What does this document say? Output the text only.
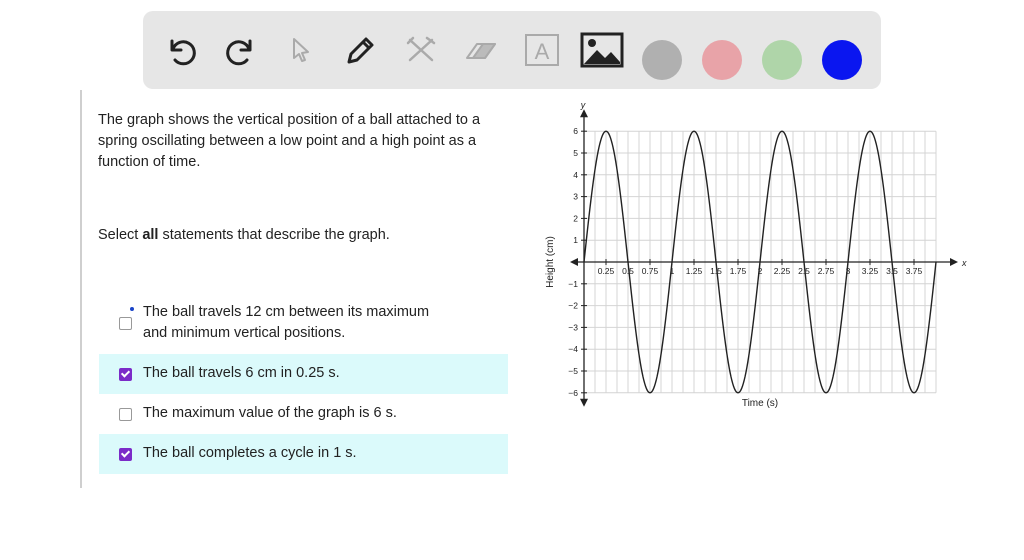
A
The graph shows the vertical position of a ball attached to a spring oscillating between a low point and a high point as a function of time.
Select all statements that describe the graph.
The ball travels 12 cm between its maximum
and minimum vertical positions.
The ball travels 6 cm in 0.25 s.
The maximum value of the graph is 6 s.
The ball completes a cycle in 1 s.
x
y
0.25 0.5 0.75 1 1.25 1.5 1.75 2 2.25 2.5 2.75 3 3.25 3.5 3.75
6
5
4
3
2
1
−1
−2
−3
−4
−5
−6
Time (s)
Height (cm)
